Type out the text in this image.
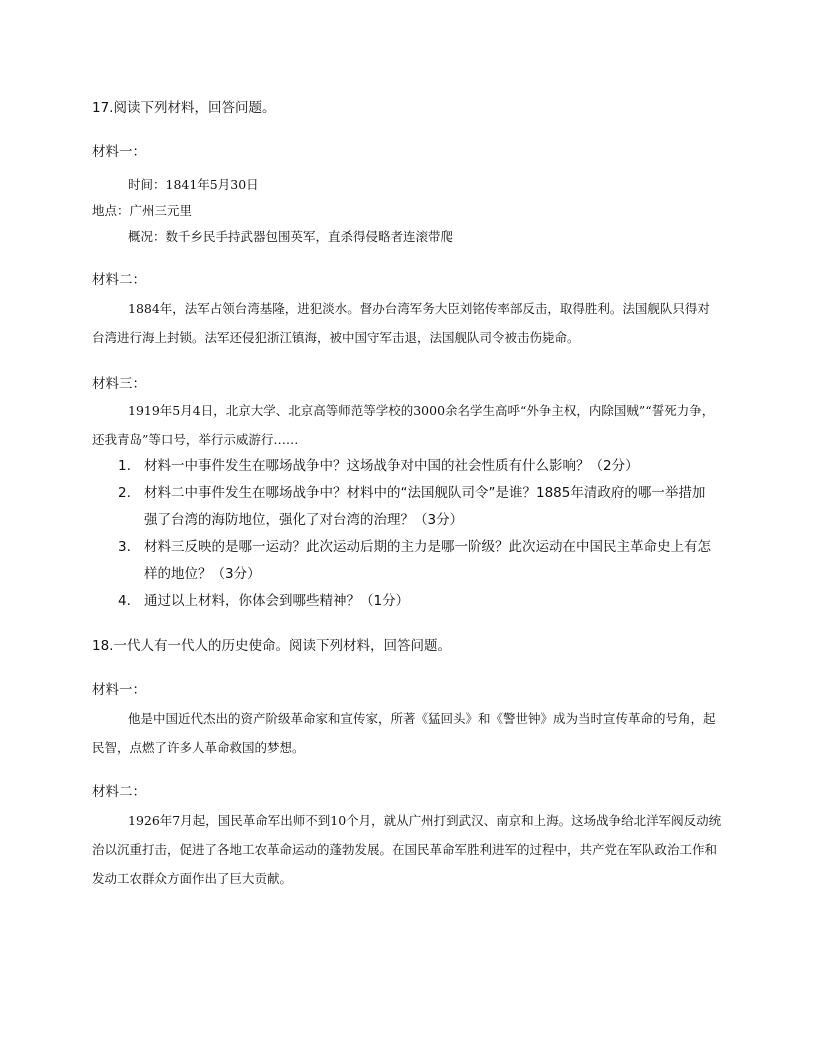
17.阅读下列材料，回答问题。
材料一：
时间：1841年5月30日
地点：广州三元里
概况：数千乡民手持武器包围英军，直杀得侵略者连滚带爬
材料二：
1884年，法军占领台湾基隆，进犯淡水。督办台湾军务大臣刘铭传率部反击，取得胜利。法国舰队只得对台湾进行海上封锁。法军还侵犯浙江镇海，被中国守军击退，法国舰队司令被击伤毙命。
材料三：
1919年5月4日，北京大学、北京高等师范等学校的3000余名学生高呼“外争主权，内除国贼”“誓死力争，还我青岛”等口号，举行示威游行……
1. 材料一中事件发生在哪场战争中？这场战争对中国的社会性质有什么影响？（2分）
2. 材料二中事件发生在哪场战争中？材料中的“法国舰队司令”是谁？1885年清政府的哪一举措加强了台湾的海防地位，强化了对台湾的治理？（3分）
3. 材料三反映的是哪一运动？此次运动后期的主力是哪一阶级？此次运动在中国民主革命史上有怎样的地位？（3分）
4. 通过以上材料，你体会到哪些精神？（1分）
18.一代人有一代人的历史使命。阅读下列材料，回答问题。
材料一：
他是中国近代杰出的资产阶级革命家和宣传家，所著《猛回头》和《警世钟》成为当时宣传革命的号角，起民智，点燃了许多人革命救国的梦想。
材料二：
1926年7月起，国民革命军出师不到10个月，就从广州打到武汉、南京和上海。这场战争给北洋军阀反动统治以沉重打击，促进了各地工农革命运动的蓬勃发展。在国民革命军胜利进军的过程中，共产党在军队政治工作和发动工农群众方面作出了巨大贡献。
